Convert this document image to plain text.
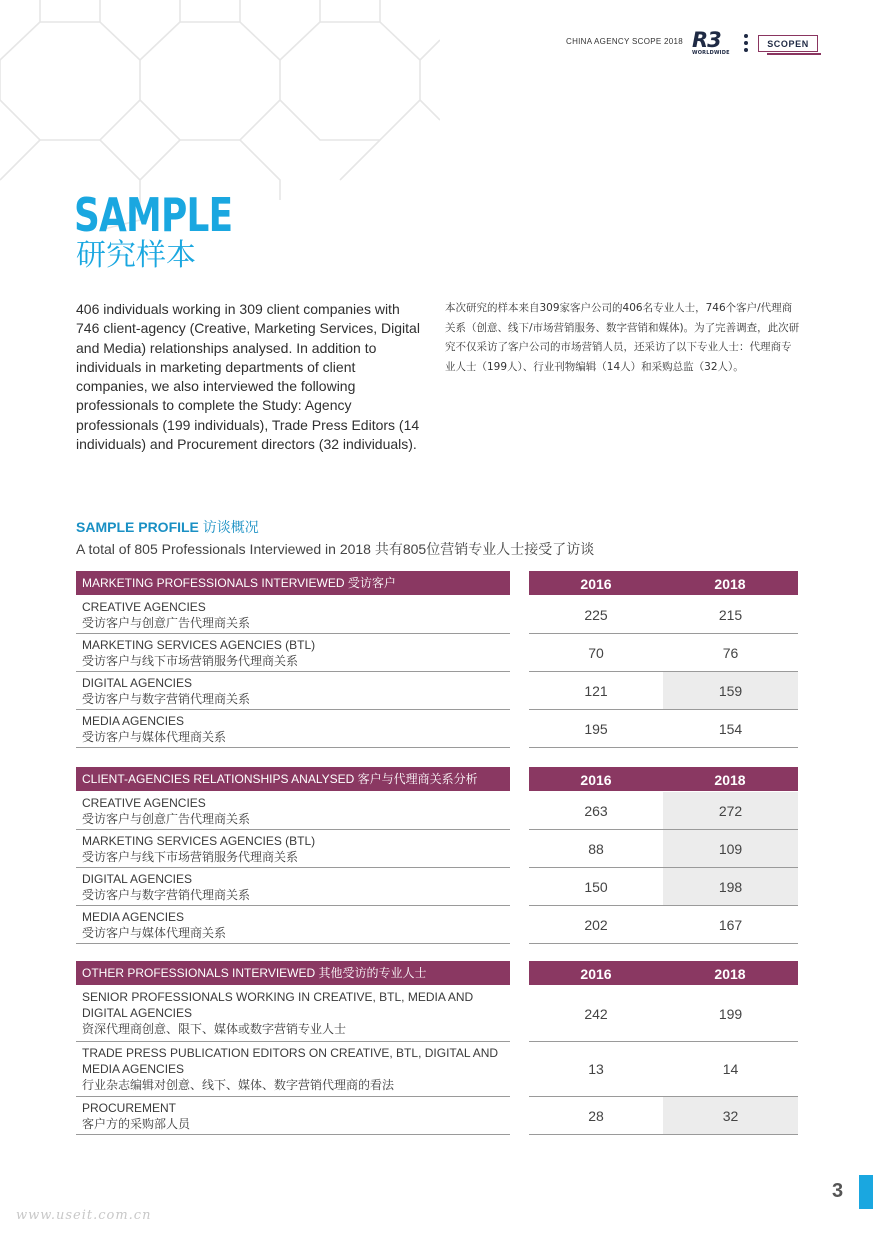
CHINA AGENCY SCOPE 2018 R3
WORLDWIDE
SCOPEN
SAMPLE
研究样本
406 individuals working in 309 client companies with 746 client-agency (Creative, Marketing Services, Digital and Media) relationships analysed. In addition to individuals in marketing departments of client companies, we also interviewed the following professionals to complete the Study: Agency professionals (199 individuals), Trade Press Editors (14 individuals) and Procurement directors (32 individuals).
本次研究的样本来自309家客户公司的406名专业人士，746个客户/代理商关系（创意、线下/市场营销服务、数字营销和媒体)。为了完善调查，此次研究不仅采访了客户公司的市场营销人员，还采访了以下专业人士：代理商专业人士（199人）、行业刊物编辑（14人）和采购总监（32人）。
SAMPLE PROFILE 访谈概况
A total of 805 Professionals Interviewed in 2018 共有805位营销专业人士接受了访谈
MARKETING PROFESSIONALS INTERVIEWED 受访客户	2016	2018
CREATIVE AGENCIES
受访客户与创意广告代理商关系
225	215
MARKETING SERVICES AGENCIES (BTL)
受访客户与线下市场营销服务代理商关系
70	76
DIGITAL AGENCIES
受访客户与数字营销代理商关系
121	159
MEDIA AGENCIES
受访客户与媒体代理商关系
195	154
CLIENT-AGENCIES RELATIONSHIPS ANALYSED 客户与代理商关系分析	2016	2018
CREATIVE AGENCIES
受访客户与创意广告代理商关系
263	272
MARKETING SERVICES AGENCIES (BTL)
受访客户与线下市场营销服务代理商关系
88	109
DIGITAL AGENCIES
受访客户与数字营销代理商关系
150	198
MEDIA AGENCIES
受访客户与媒体代理商关系
202	167
OTHER PROFESSIONALS INTERVIEWED 其他受访的专业人士	2016	2018
SENIOR PROFESSIONALS WORKING IN CREATIVE, BTL, MEDIA AND DIGITAL AGENCIES
资深代理商创意、限下、媒体或数字营销专业人士
242	199
TRADE PRESS PUBLICATION EDITORS ON CREATIVE, BTL, DIGITAL AND MEDIA AGENCIES
行业杂志编辑对创意、线下、媒体、数字营销代理商的看法
13	14
PROCUREMENT
客户方的采购部人员
28	32
3
www.useit.com.cn
